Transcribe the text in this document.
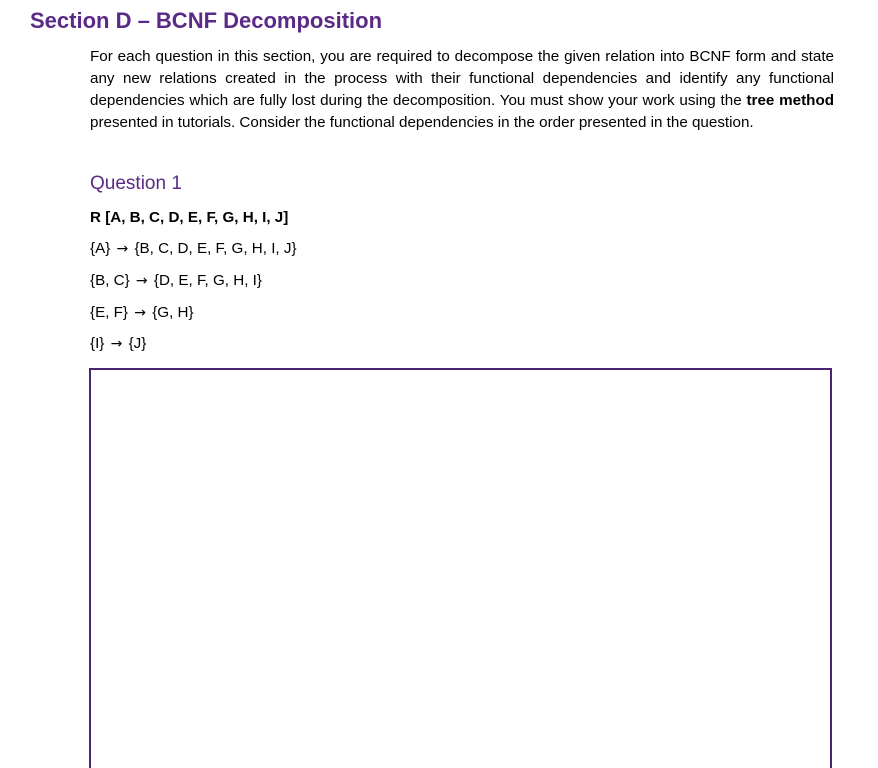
Section D – BCNF Decomposition

For each question in this section, you are required to decompose the given relation into BCNF form and state any new relations created in the process with their functional dependencies and identify any functional dependencies which are fully lost during the decomposition. You must show your work using the tree method presented in tutorials. Consider the functional dependencies in the order presented in the question.

Question 1

R [A, B, C, D, E, F, G, H, I, J]

{A} → {B, C, D, E, F, G, H, I, J}

{B, C} → {D, E, F, G, H, I}

{E, F} → {G, H}

{I} → {J}
